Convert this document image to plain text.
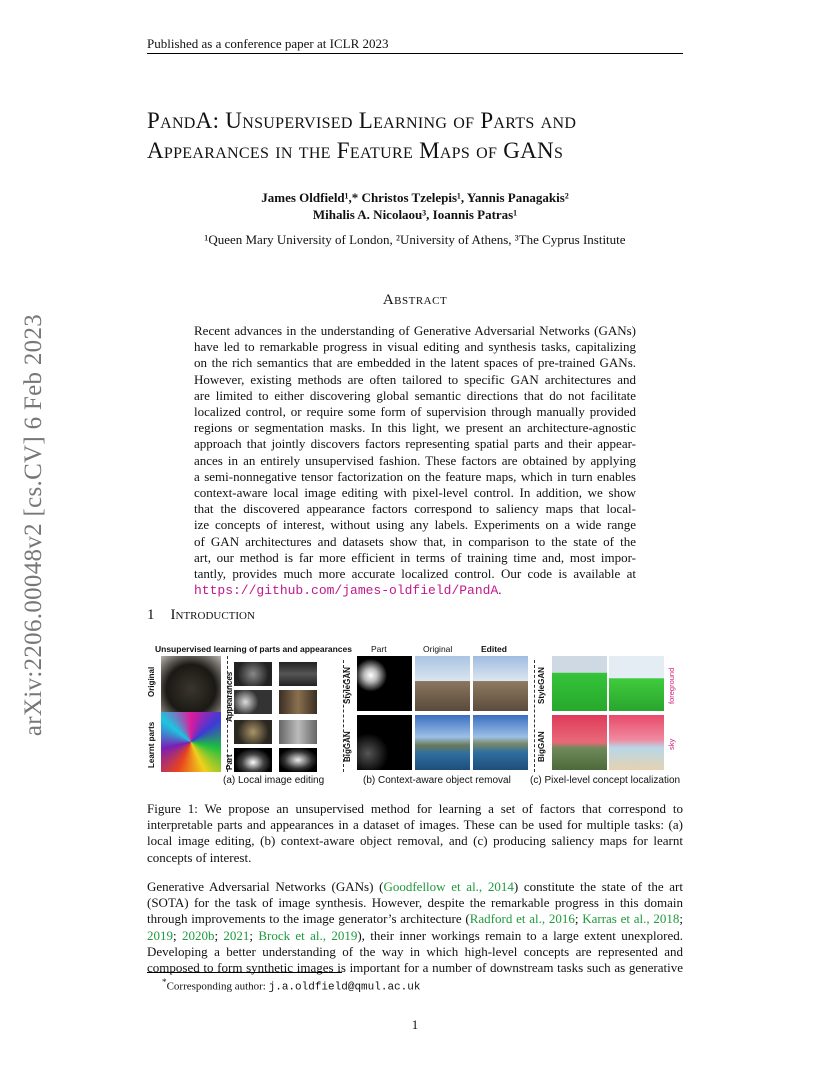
Published as a conference paper at ICLR 2023
arXiv:2206.00048v2 [cs.CV] 6 Feb 2023
PandA: Unsupervised Learning of Parts and
Appearances in the Feature Maps of GANs
James Oldfield¹,* Christos Tzelepis¹, Yannis Panagakis²
Mihalis A. Nicolaou³, Ioannis Patras¹
¹Queen Mary University of London, ²University of Athens, ³The Cyprus Institute
Abstract
Recent advances in the understanding of Generative Adversarial Networks (GANs)
have led to remarkable progress in visual editing and synthesis tasks, capitalizing
on the rich semantics that are embedded in the latent spaces of pre-trained GANs.
However, existing methods are often tailored to specific GAN architectures and
are limited to either discovering global semantic directions that do not facilitate
localized control, or require some form of supervision through manually provided
regions or segmentation masks. In this light, we present an architecture-agnostic
approach that jointly discovers factors representing spatial parts and their appear-
ances in an entirely unsupervised fashion. These factors are obtained by applying
a semi-nonnegative tensor factorization on the feature maps, which in turn enables
context-aware local image editing with pixel-level control. In addition, we show
that the discovered appearance factors correspond to saliency maps that local-
ize concepts of interest, without using any labels. Experiments on a wide range
of GAN architectures and datasets show that, in comparison to the state of the
art, our method is far more efficient in terms of training time and, most impor-
tantly, provides much more accurate localized control. Our code is available at
https://github.com/james-oldfield/PandA.
1 Introduction
Unsupervised learning of parts and appearances
Original
Learnt parts
Appearances
Part
(a) Local image editing
StyleGAN
BigGAN
Part	Original	Edited
(b) Context-aware object removal
StyleGAN
BigGAN
foreground
sky
(c) Pixel-level concept localization
Figure 1: We propose an unsupervised method for learning a set of factors that correspond to
interpretable parts and appearances in a dataset of images. These can be used for multiple tasks: (a)
local image editing, (b) context-aware object removal, and (c) producing saliency maps for learnt
concepts of interest.
Generative Adversarial Networks (GANs) (Goodfellow et al., 2014) constitute the state of the art
(SOTA) for the task of image synthesis. However, despite the remarkable progress in this domain
through improvements to the image generator’s architecture (Radford et al., 2016; Karras et al., 2018;
2019; 2020b; 2021; Brock et al., 2019), their inner workings remain to a large extent unexplored.
Developing a better understanding of the way in which high-level concepts are represented and
composed to form synthetic images is important for a number of downstream tasks such as generative
*Corresponding author: j.a.oldfield@qmul.ac.uk
1
